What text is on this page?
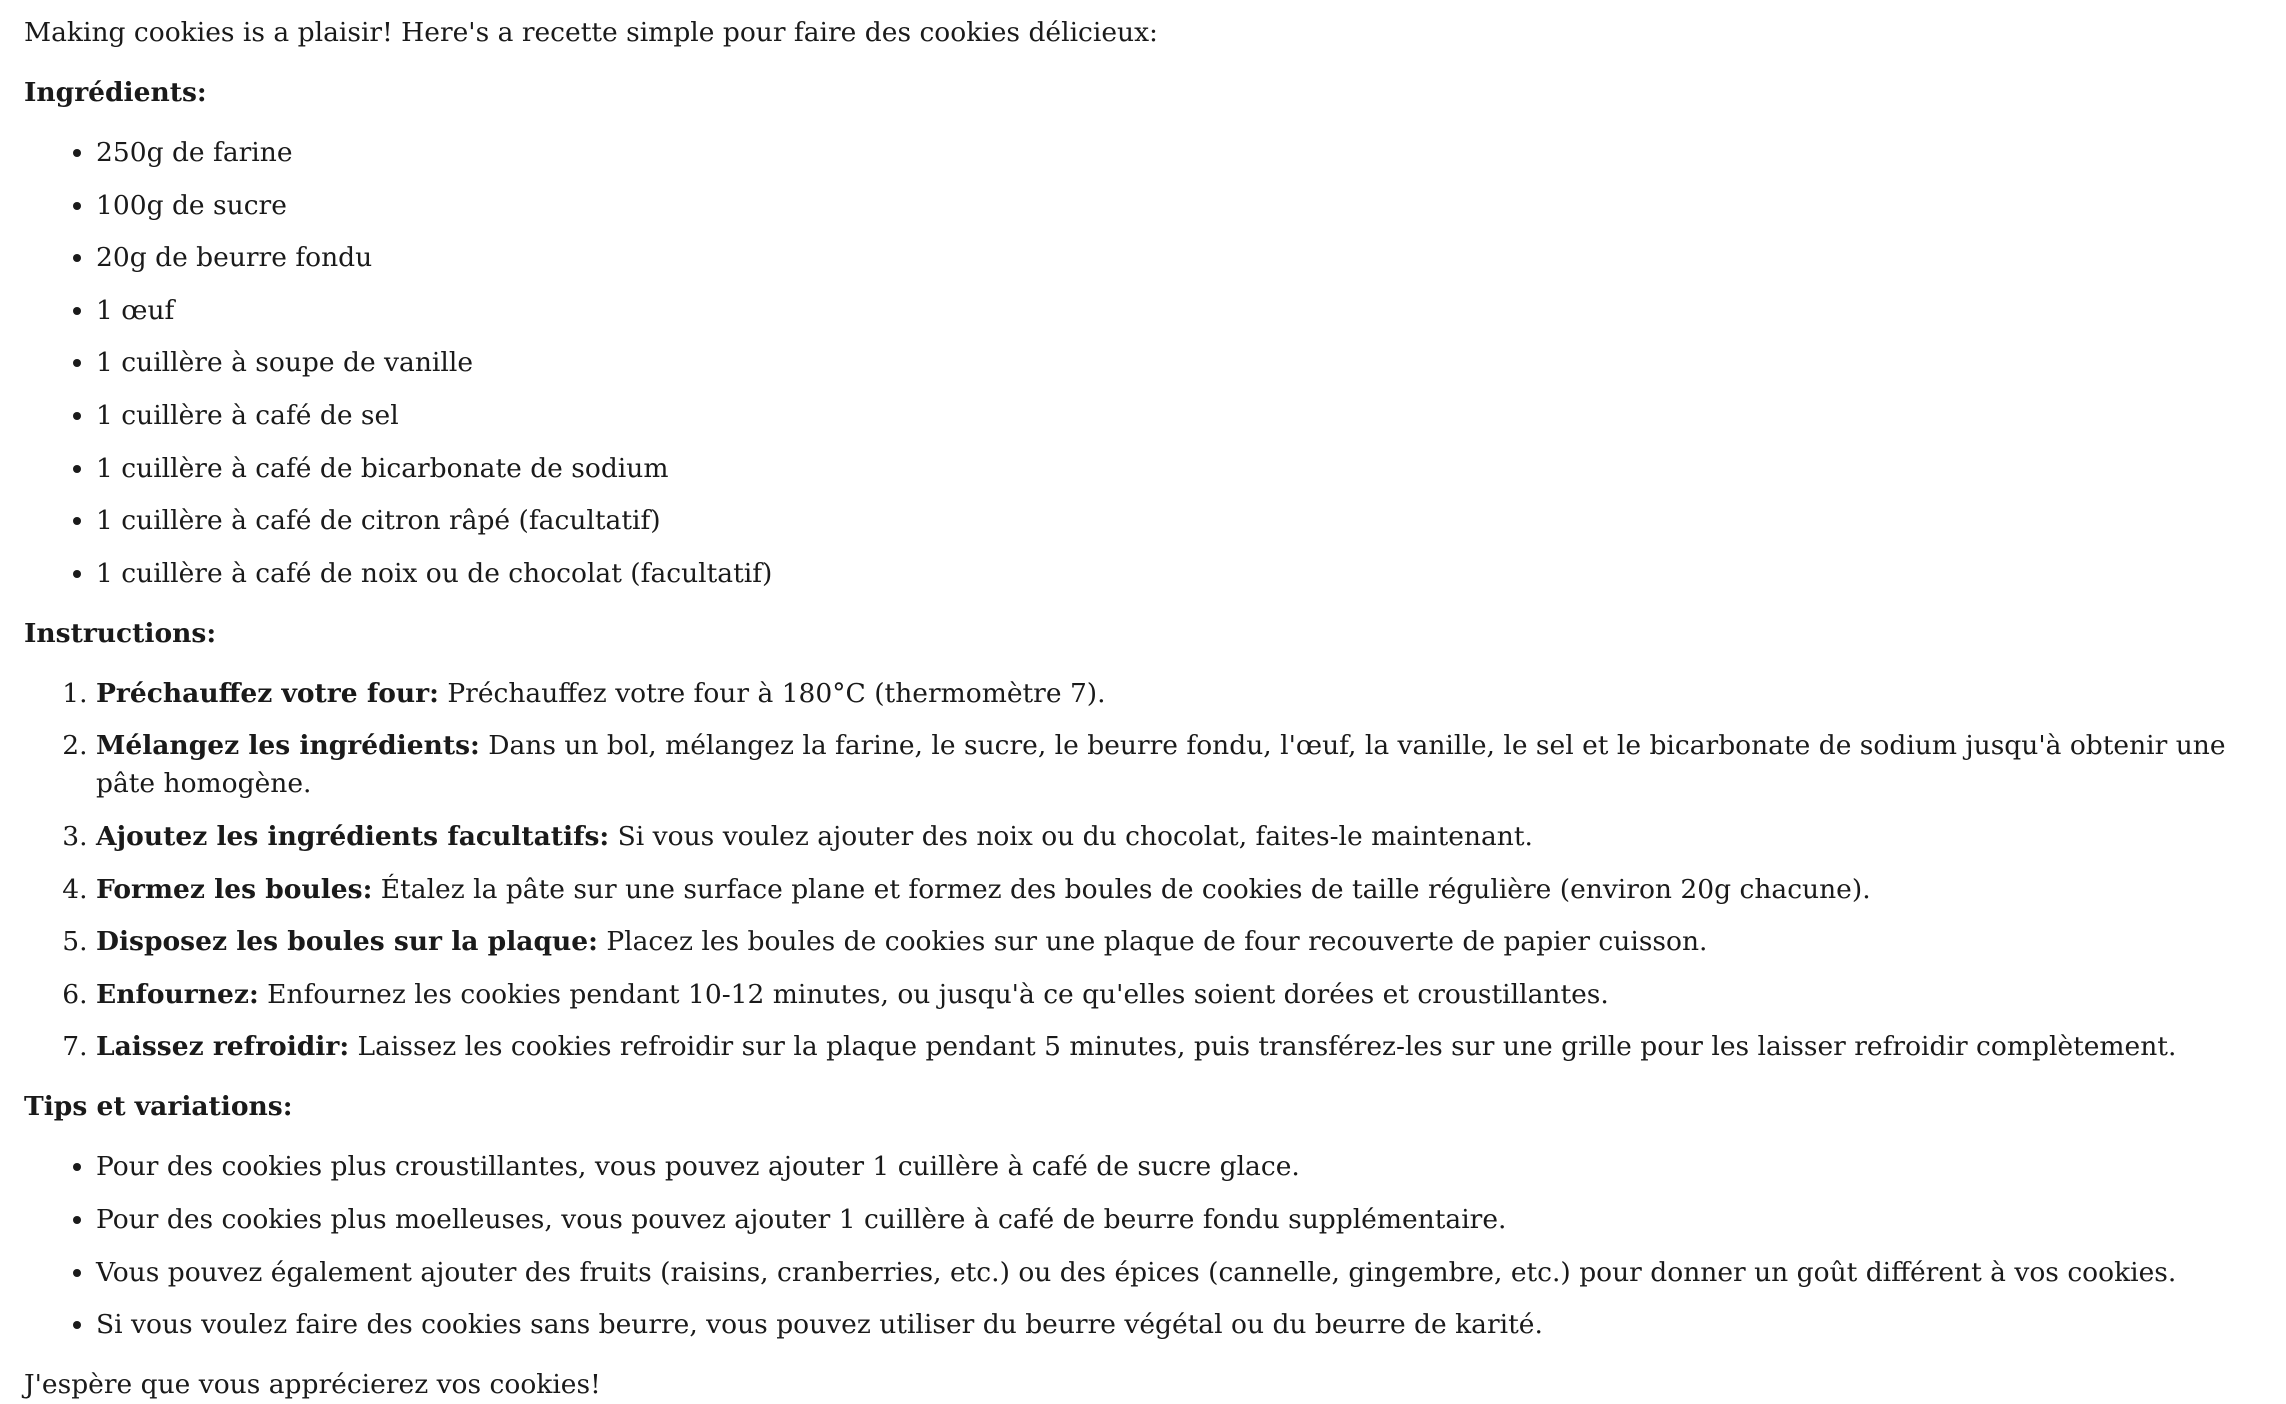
Making cookies is a plaisir! Here's a recette simple pour faire des cookies délicieux:

Ingrédients:

• 250g de farine
• 100g de sucre
• 20g de beurre fondu
• 1 œuf
• 1 cuillère à soupe de vanille
• 1 cuillère à café de sel
• 1 cuillère à café de bicarbonate de sodium
• 1 cuillère à café de citron râpé (facultatif)
• 1 cuillère à café de noix ou de chocolat (facultatif)

Instructions:

1. Préchauffez votre four: Préchauffez votre four à 180°C (thermomètre 7).
2. Mélangez les ingrédients: Dans un bol, mélangez la farine, le sucre, le beurre fondu, l'œuf, la vanille, le sel et le bicarbonate de sodium jusqu'à obtenir une pâte homogène.
3. Ajoutez les ingrédients facultatifs: Si vous voulez ajouter des noix ou du chocolat, faites-le maintenant.
4. Formez les boules: Étalez la pâte sur une surface plane et formez des boules de cookies de taille régulière (environ 20g chacune).
5. Disposez les boules sur la plaque: Placez les boules de cookies sur une plaque de four recouverte de papier cuisson.
6. Enfournez: Enfournez les cookies pendant 10-12 minutes, ou jusqu'à ce qu'elles soient dorées et croustillantes.
7. Laissez refroidir: Laissez les cookies refroidir sur la plaque pendant 5 minutes, puis transférez-les sur une grille pour les laisser refroidir complètement.

Tips et variations:

• Pour des cookies plus croustillantes, vous pouvez ajouter 1 cuillère à café de sucre glace.
• Pour des cookies plus moelleuses, vous pouvez ajouter 1 cuillère à café de beurre fondu supplémentaire.
• Vous pouvez également ajouter des fruits (raisins, cranberries, etc.) ou des épices (cannelle, gingembre, etc.) pour donner un goût différent à vos cookies.
• Si vous voulez faire des cookies sans beurre, vous pouvez utiliser du beurre végétal ou du beurre de karité.

J'espère que vous apprécierez vos cookies!
